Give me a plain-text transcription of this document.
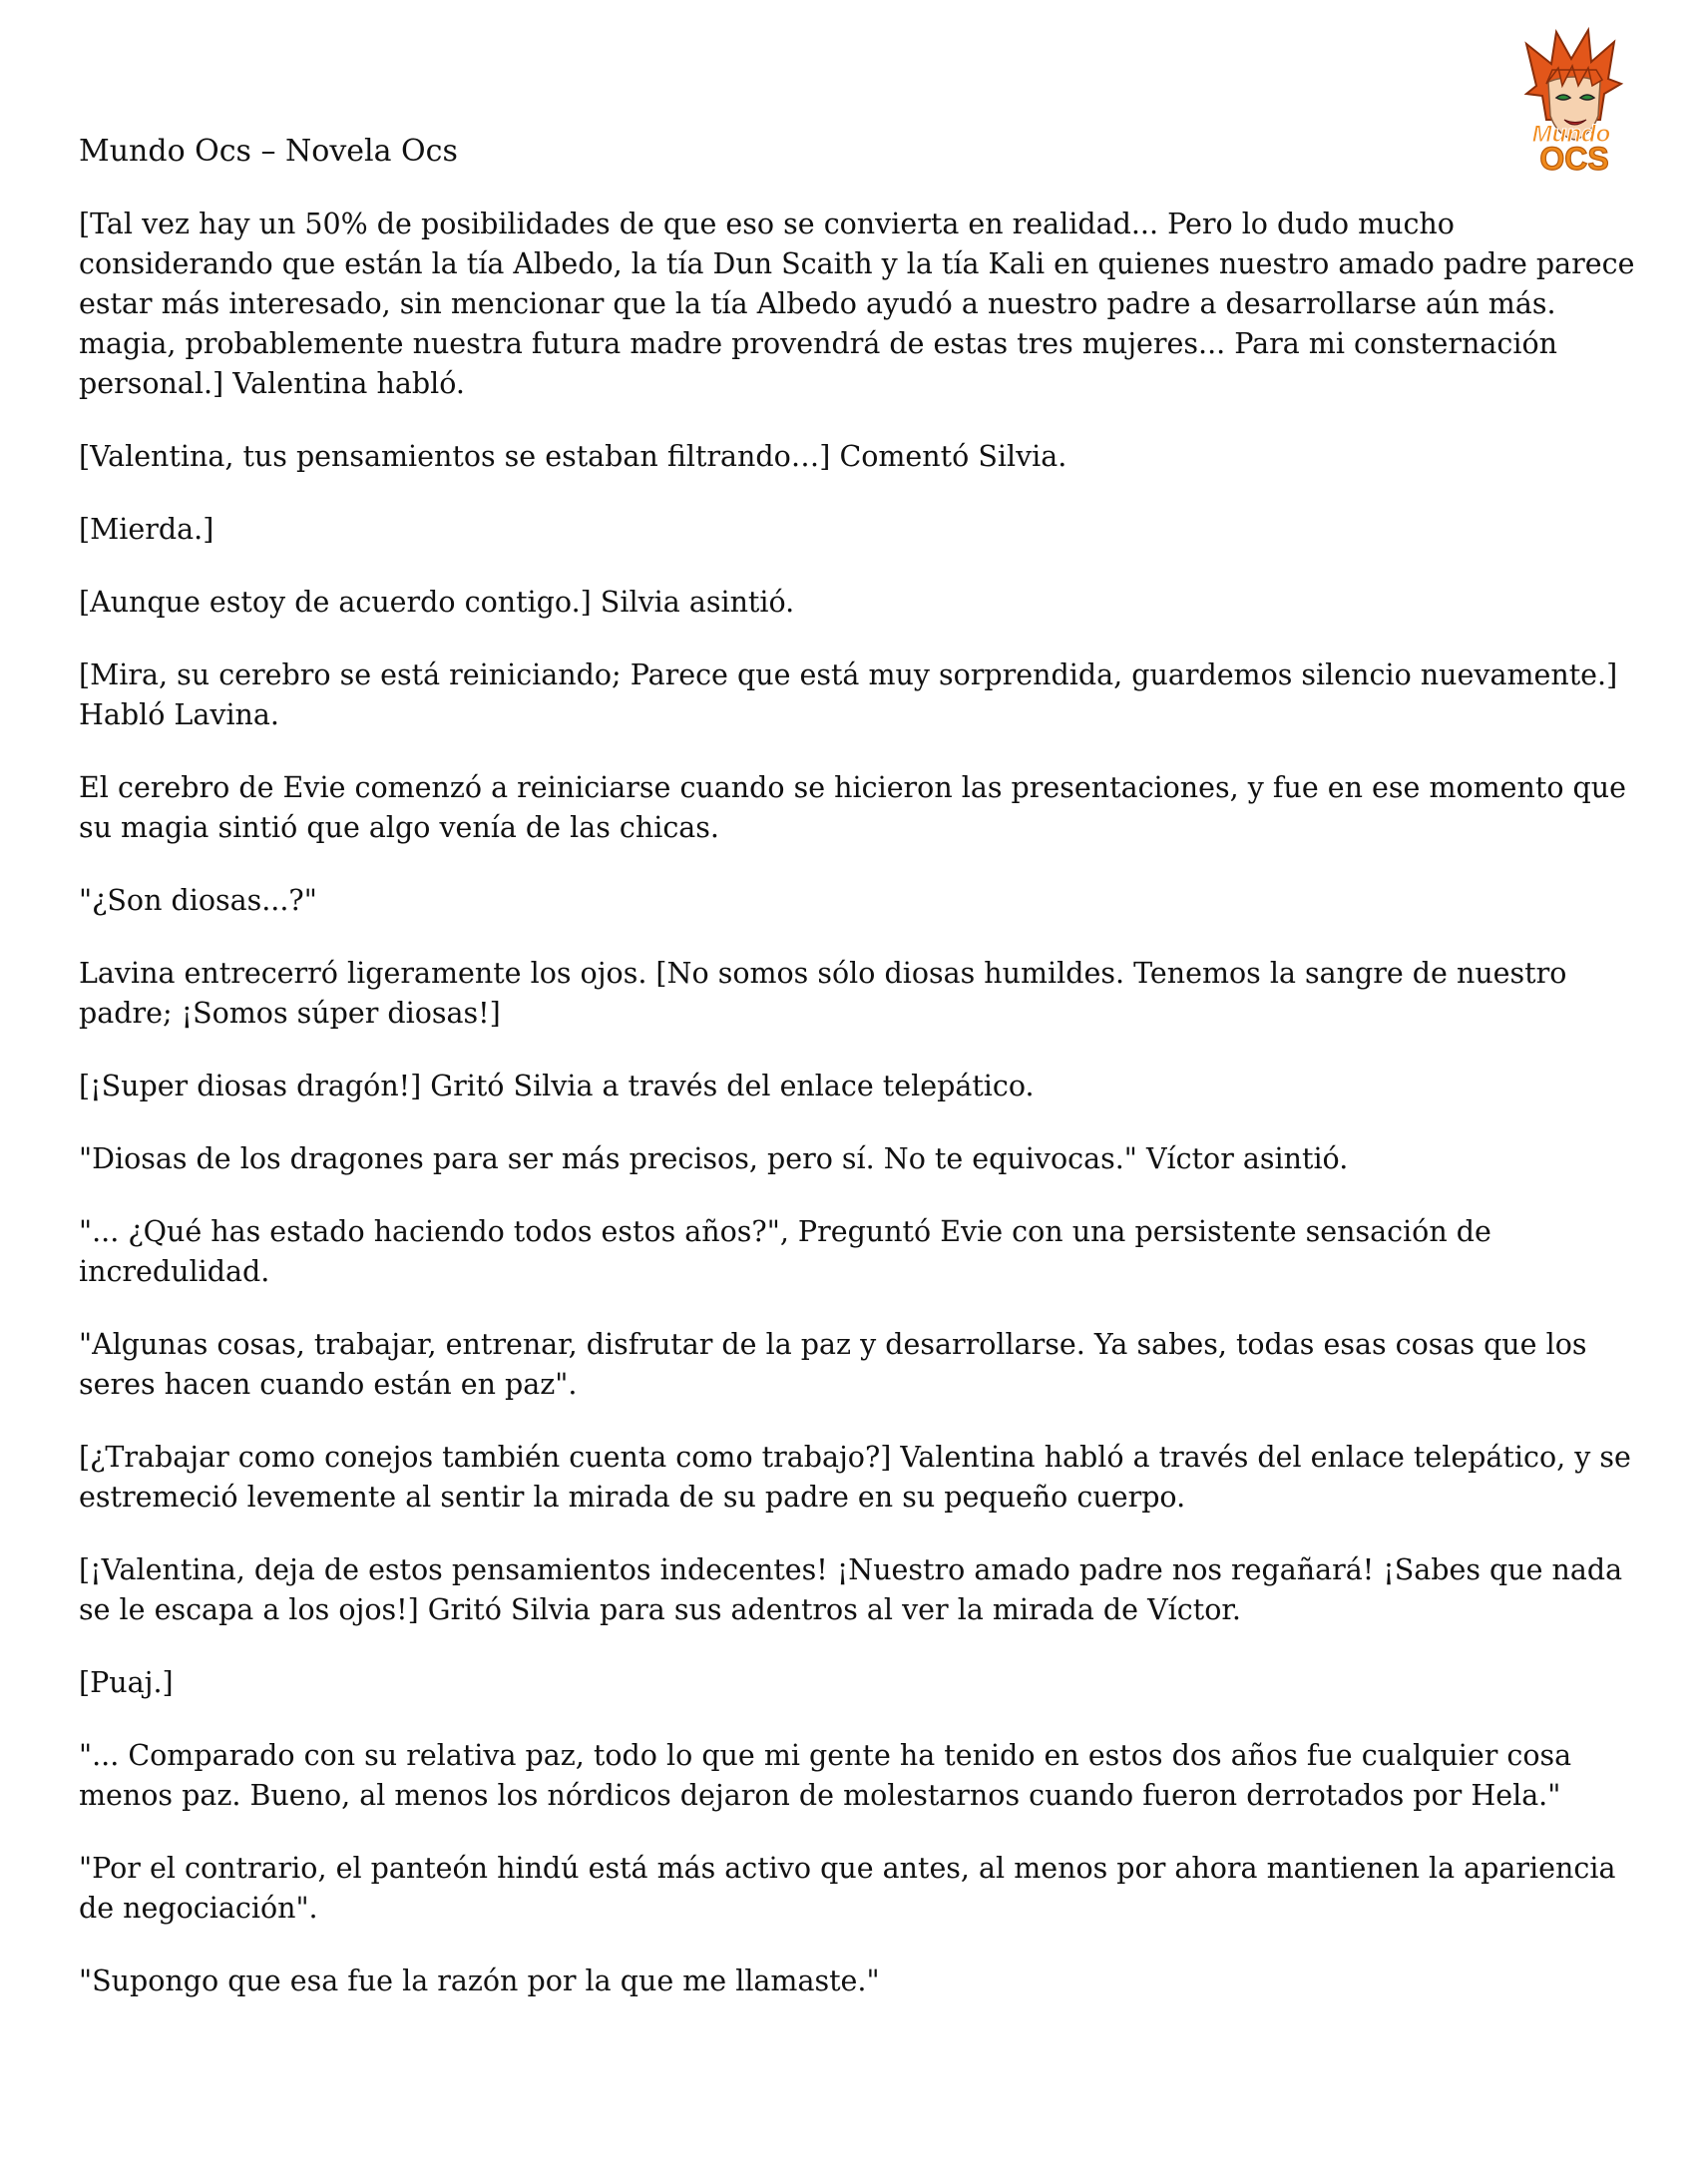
Mundo Ocs – Novela Ocs	Mundo
OCS

[Tal vez hay un 50% de posibilidades de que eso se convierta en realidad... Pero lo dudo mucho considerando que están la tía Albedo, la tía Dun Scaith y la tía Kali en quienes nuestro amado padre parece estar más interesado, sin mencionar que la tía Albedo ayudó a nuestro padre a desarrollarse aún más. magia, probablemente nuestra futura madre provendrá de estas tres mujeres... Para mi consternación personal.] Valentina habló.

[Valentina, tus pensamientos se estaban filtrando…] Comentó Silvia.

[Mierda.]

[Aunque estoy de acuerdo contigo.] Silvia asintió.

[Mira, su cerebro se está reiniciando; Parece que está muy sorprendida, guardemos silencio nuevamente.] Habló Lavina.

El cerebro de Evie comenzó a reiniciarse cuando se hicieron las presentaciones, y fue en ese momento que su magia sintió que algo venía de las chicas.

"¿Son diosas...?"

Lavina entrecerró ligeramente los ojos. [No somos sólo diosas humildes. Tenemos la sangre de nuestro padre; ¡Somos súper diosas!]

[¡Super diosas dragón!] Gritó Silvia a través del enlace telepático.

"Diosas de los dragones para ser más precisos, pero sí. No te equivocas." Víctor asintió.

"... ¿Qué has estado haciendo todos estos años?", Preguntó Evie con una persistente sensación de incredulidad.

"Algunas cosas, trabajar, entrenar, disfrutar de la paz y desarrollarse. Ya sabes, todas esas cosas que los seres hacen cuando están en paz".

[¿Trabajar como conejos también cuenta como trabajo?] Valentina habló a través del enlace telepático, y se estremeció levemente al sentir la mirada de su padre en su pequeño cuerpo.

[¡Valentina, deja de estos pensamientos indecentes! ¡Nuestro amado padre nos regañará! ¡Sabes que nada se le escapa a los ojos!] Gritó Silvia para sus adentros al ver la mirada de Víctor.

[Puaj.]

"... Comparado con su relativa paz, todo lo que mi gente ha tenido en estos dos años fue cualquier cosa menos paz. Bueno, al menos los nórdicos dejaron de molestarnos cuando fueron derrotados por Hela."

"Por el contrario, el panteón hindú está más activo que antes, al menos por ahora mantienen la apariencia de negociación".

"Supongo que esa fue la razón por la que me llamaste."
